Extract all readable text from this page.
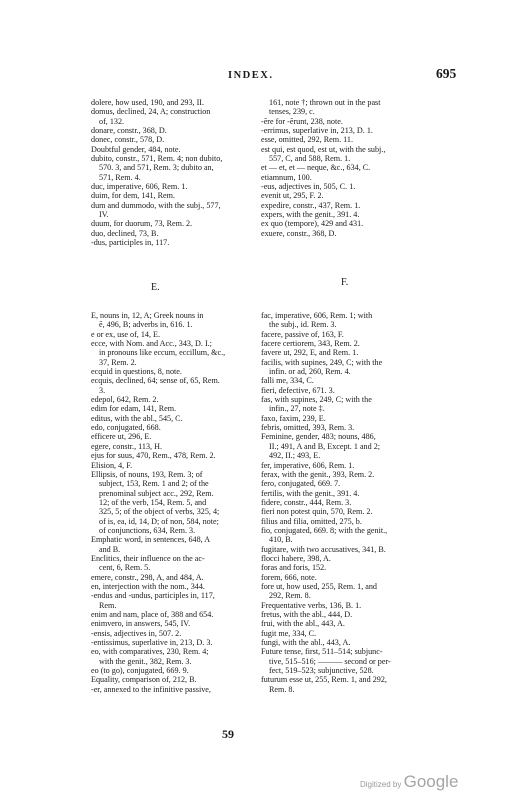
INDEX.	695
dolere, how used, 190, and 293, II.
domus, declined, 24, A; construction
of, 132.
donare, constr., 368, D.
donec, constr., 578, D.
Doubtful gender, 484, note.
dubito, constr., 571, Rem. 4; non dubito,
570. 3, and 571, Rem. 3; dubito an,
571, Rem. 4.
duc, imperative, 606, Rem. 1.
duim, for dem, 141, Rem.
dum and dummodo, with the subj., 577,
IV.
duum, for duorum, 73, Rem. 2.
duo, declined, 73, B.
-dus, participles in, 117.
161, note †; thrown out in the past
tenses, 239, c.
-ēre for -ērunt, 238, note.
-errimus, superlative in, 213, D. 1.
esse, omitted, 292, Rem. 11.
est qui, est quod, est ut, with the subj.,
557, C, and 588, Rem. 1.
et — et, et — neque, &c., 634, C.
etiamnum, 100.
-eus, adjectives in, 505, C. 1.
evenit ut, 295, F. 2.
expedire, constr., 437, Rem. 1.
expers, with the genit., 391. 4.
ex quo (tempore), 429 and 431.
exuere, constr., 368, D.
E.	F.
E, nouns in, 12, A; Greek nouns in
ē, 496, B; adverbs in, 616. 1.
e or ex, use of, 14, E.
ecce, with Nom. and Acc., 343, D. I.;
in pronouns like eccum, eccillum, &c.,
37, Rem. 2.
ecquid in questions, 8, note.
ecquis, declined, 64; sense of, 65, Rem.
3.
edepol, 642, Rem. 2.
edim for edam, 141, Rem.
editus, with the abl., 545, C.
edo, conjugated, 668.
efficere ut, 296, E.
egere, constr., 113, H.
ejus for suus, 470, Rem., 478, Rem. 2.
Elision, 4, F.
Ellipsis, of nouns, 193, Rem. 3; of
subject, 153, Rem. 1 and 2; of the
prenominal subject acc., 292, Rem.
12; of the verb, 154, Rem. 5, and
325, 5; of the object of verbs, 325, 4;
of is, ea, id, 14, D; of non, 584, note;
of conjunctions, 634, Rem. 3.
Emphatic word, in sentences, 648, A
and B.
Enclitics, their influence on the ac-
cent, 6, Rem. 5.
emere, constr., 298, A, and 484, A.
en, interjection with the nom., 344.
-endus and -undus, participles in, 117,
Rem.
enim and nam, place of, 388 and 654.
enimvero, in answers, 545, IV.
-ensis, adjectives in, 507. 2.
-entissimus, superlative in, 213, D. 3.
eo, with comparatives, 230, Rem. 4;
with the genit., 382, Rem. 3.
eo (to go), conjugated, 669. 9.
Equality, comparison of, 212, B.
-er, annexed to the infinitive passive,
fac, imperative, 606, Rem. 1; with
the subj., id. Rem. 3.
facere, passive of, 163, F.
facere certiorem, 343, Rem. 2.
favere ut, 292, E, and Rem. 1.
facilis, with supines, 249, C; with the
infin. or ad, 260, Rem. 4.
falli me, 334, C.
fieri, defective, 671. 3.
fas, with supines, 249, C; with the
infin., 27, note ‡.
faxo, faxim, 239, E.
febris, omitted, 393, Rem. 3.
Feminine, gender, 483; nouns, 486,
II.; 491, A and B, Except. 1 and 2;
492, II.; 493, E.
fer, imperative, 606, Rem. 1.
ferax, with the genit., 393, Rem. 2.
fero, conjugated, 669. 7.
fertilis, with the genit., 391. 4.
fidere, constr., 444, Rem. 3.
fieri non potest quin, 570, Rem. 2.
filius and filia, omitted, 275, b.
fio, conjugated, 669. 8; with the genit.,
410, B.
fugitare, with two accusatives, 341, B.
flocci habere, 398, A.
foras and foris, 152.
forem, 666, note.
fore ut, how used, 255, Rem. 1, and
292, Rem. 8.
Frequentative verbs, 136, B. 1.
fretus, with the abl., 444, D.
frui, with the abl., 443, A.
fugit me, 334, C.
fungi, with the abl., 443, A.
Future tense, first, 511–514; subjunc-
tive, 515–516; ——— second or per-
fect, 519–523; subjunctive, 528.
futurum esse ut, 255, Rem. 1, and 292,
Rem. 8.
59
Digitized by Google
